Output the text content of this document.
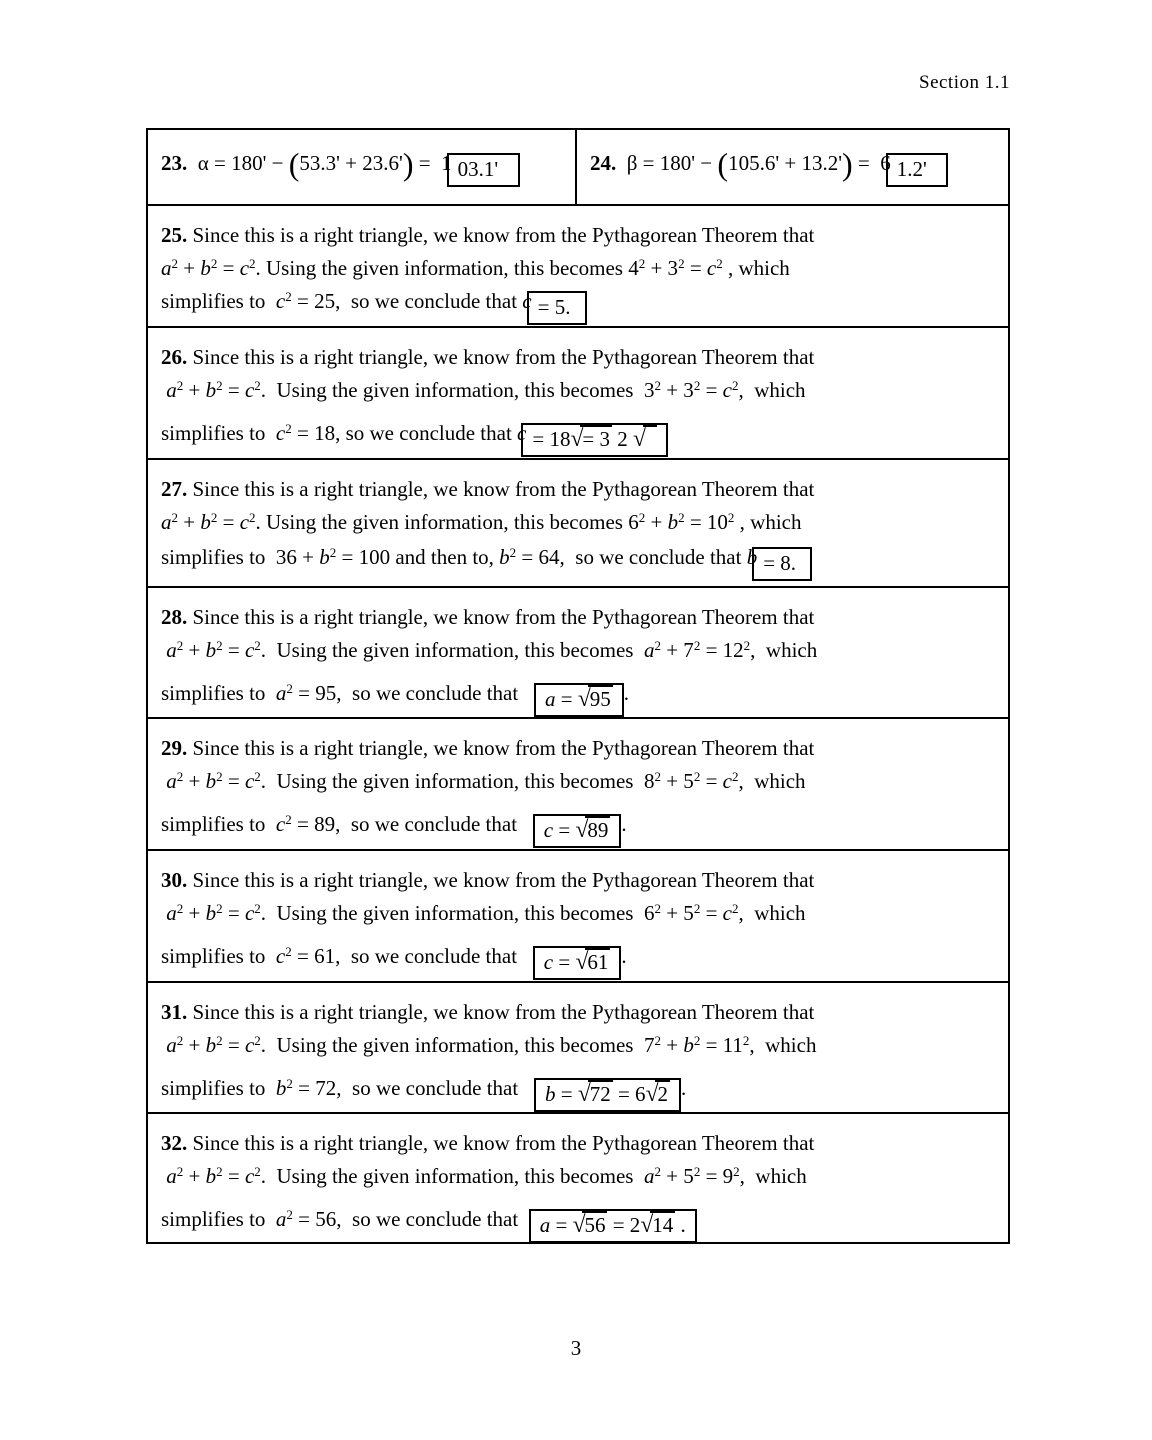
Section 1.1
23.  α = 180' − (53.3' + 23.6') =  1 03.1'	24.  β = 180' − (105.6' + 13.2') =  6 1.2'
25. Since this is a right triangle, we know from the Pythagorean Theorem that
$a^2 + b^2 = c^2$. Using the given information, this becomes $4^2 + 3^2 = c^2$ , which
simplifies to  $c^2 = 25$,  so we conclude that c = 5.
26. Since this is a right triangle, we know from the Pythagorean Theorem that
$a^2 + b^2 = c^2$.  Using the given information, this becomes  $3^2 + 3^2 = c^2$,  which
simplifies to  $c^2 = 18$, so we conclude that c = 18√= 3 2 √
27. Since this is a right triangle, we know from the Pythagorean Theorem that
$a^2 + b^2 = c^2$. Using the given information, this becomes $6^2 + b^2 = 10^2$ , which
simplifies to  $36 + b^2 = 100$ and then to, $b^2 = 64$,  so we conclude that b = 8.
28. Since this is a right triangle, we know from the Pythagorean Theorem that
$a^2 + b^2 = c^2$.  Using the given information, this becomes  $a^2 + 7^2 = 12^2$,  which
simplifies to  $a^2 = 95$,  so we conclude that   a = √95 .
29. Since this is a right triangle, we know from the Pythagorean Theorem that
$a^2 + b^2 = c^2$.  Using the given information, this becomes  $8^2 + 5^2 = c^2$,  which
simplifies to  $c^2 = 89$,  so we conclude that   c = √89 .
30. Since this is a right triangle, we know from the Pythagorean Theorem that
$a^2 + b^2 = c^2$.  Using the given information, this becomes  $6^2 + 5^2 = c^2$,  which
simplifies to  $c^2 = 61$,  so we conclude that   c = √61 .
31. Since this is a right triangle, we know from the Pythagorean Theorem that
$a^2 + b^2 = c^2$.  Using the given information, this becomes  $7^2 + b^2 = 11^2$,  which
simplifies to  $b^2 = 72$,  so we conclude that   b = √72 = 6√2 .
32. Since this is a right triangle, we know from the Pythagorean Theorem that
$a^2 + b^2 = c^2$.  Using the given information, this becomes  $a^2 + 5^2 = 9^2$,  which
simplifies to  $a^2 = 56$,  so we conclude that  a = √56 = 2√14 .
3
